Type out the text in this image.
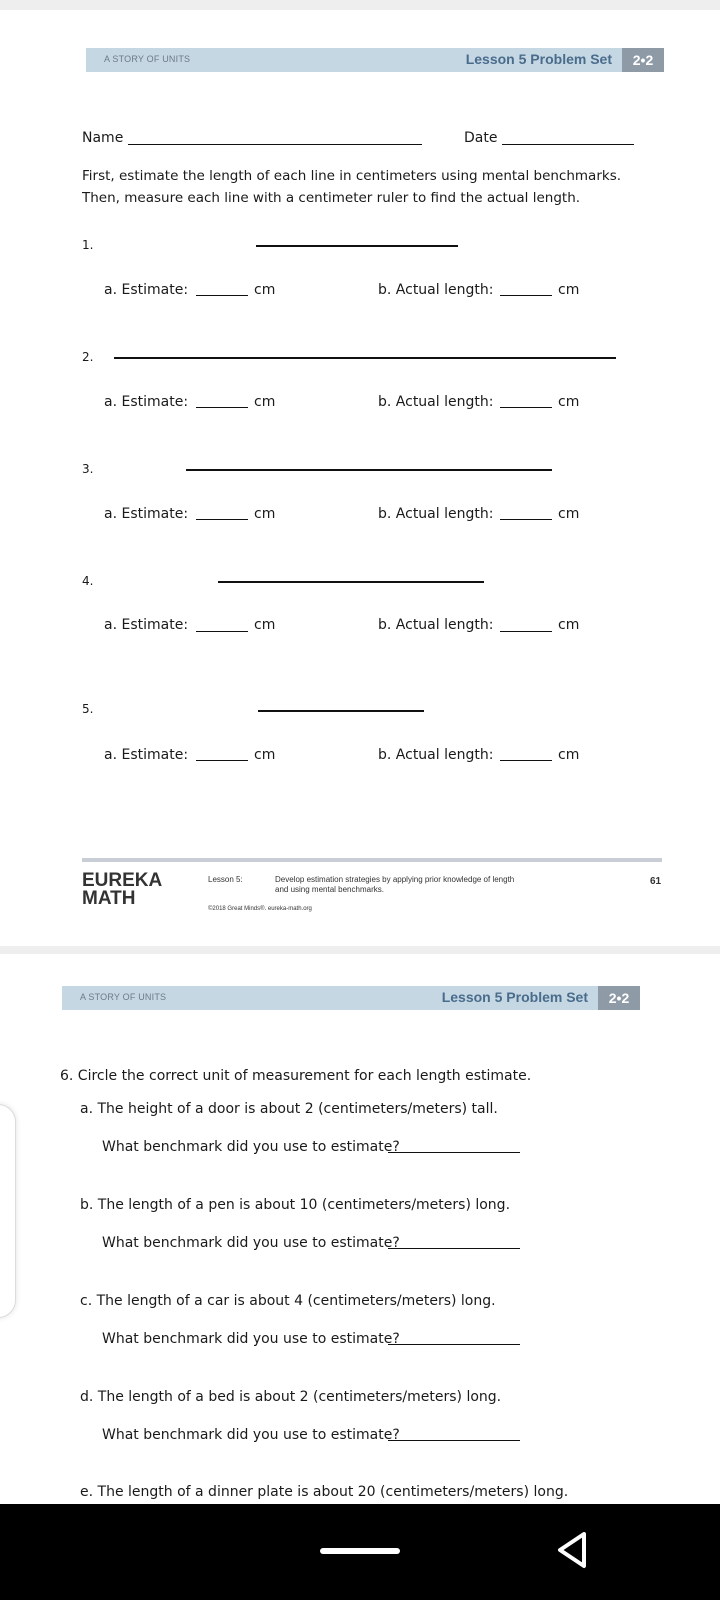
A STORY OF UNITS	Lesson 5 Problem Set	2•2
Name	Date
First, estimate the length of each line in centimeters using mental benchmarks.
Then, measure each line with a centimeter ruler to find the actual length.
1.
a. Estimate:	cm	b. Actual length:	cm
2.
a. Estimate:	cm	b. Actual length:	cm
3.
a. Estimate:	cm	b. Actual length:	cm
4.
a. Estimate:	cm	b. Actual length:	cm
5.
a. Estimate:	cm	b. Actual length:	cm
EUREKA
MATH
Lesson 5:	Develop estimation strategies by applying prior knowledge of length
and using mental benchmarks.
©2018 Great Minds®. eureka-math.org
61
A STORY OF UNITS	Lesson 5 Problem Set	2•2
6. Circle the correct unit of measurement for each length estimate.
a. The height of a door is about 2 (centimeters/meters) tall.
What benchmark did you use to estimate?
b. The length of a pen is about 10 (centimeters/meters) long.
What benchmark did you use to estimate?
c. The length of a car is about 4 (centimeters/meters) long.
What benchmark did you use to estimate?
d. The length of a bed is about 2 (centimeters/meters) long.
What benchmark did you use to estimate?
e. The length of a dinner plate is about 20 (centimeters/meters) long.
